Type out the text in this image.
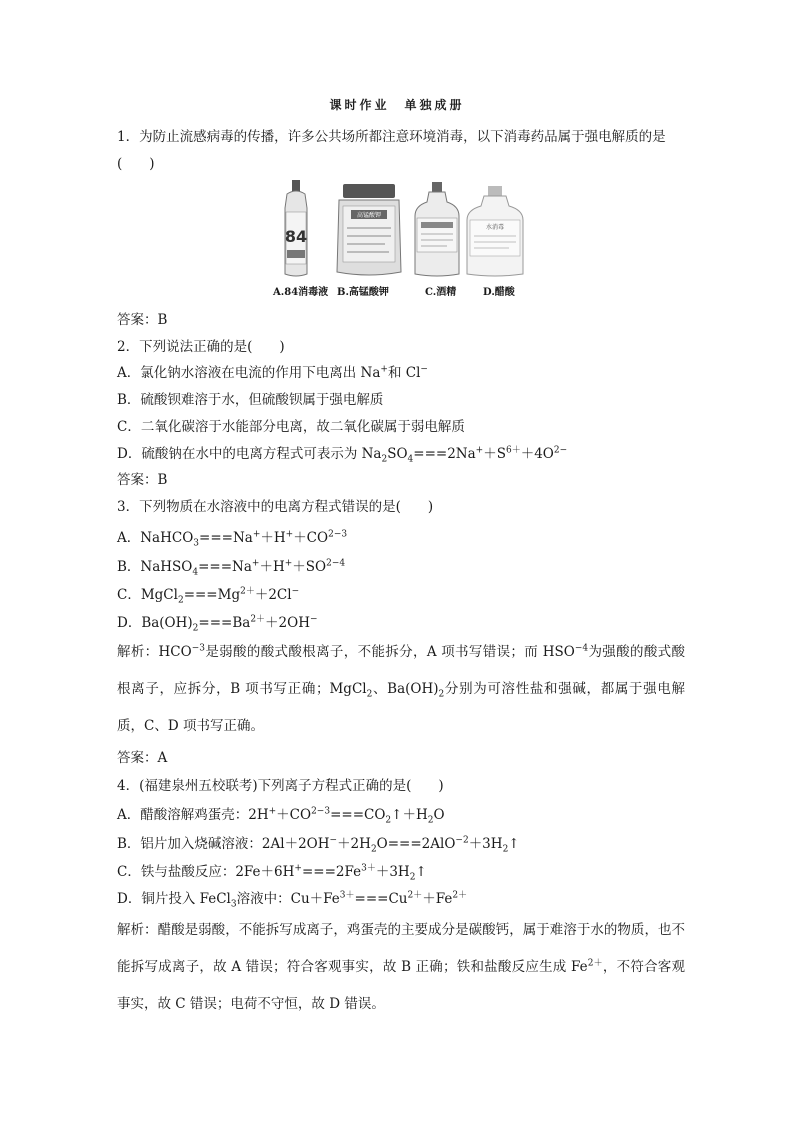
课时作业　单独成册
1．为防止流感病毒的传播，许多公共场所都注意环境消毒，以下消毒药品属于强电解质的是(　　)
84
高锰酸钾
水消毒
A.84消毒液 B.高锰酸钾	C.酒精	D.醋酸
答案：B
2．下列说法正确的是(　　)
A．氯化钠水溶液在电流的作用下电离出 Na+和 Cl−
B．硫酸钡难溶于水，但硫酸钡属于强电解质
C．二氧化碳溶于水能部分电离，故二氧化碳属于弱电解质
D．硫酸钠在水中的电离方程式可表示为 $Na_2SO_4===2Na^++S^{6+}+4O^{2-}$
答案：B
3．下列物质在水溶液中的电离方程式错误的是(　　)
A．$NaHCO_3===Na^++H^++CO^{2-3}$
B．$NaHSO_4===Na^++H^++SO^{2-4}$
C．$MgCl_2===Mg^{2+}+2Cl^-$
D．$Ba(OH)_2===Ba^{2+}+2OH^-$
解析：$HCO^{-3}$是弱酸的酸式酸根离子，不能拆分，A 项书写错误；而 $HSO^{-4}$为强酸的酸式酸根离子，应拆分，B 项书写正确；MgCl$_2$、$Ba(OH)_2$分别为可溶性盐和强碱，都属于强电解质，C、D 项书写正确。
答案：A
4．(福建泉州五校联考)下列离子方程式正确的是(　　)
A．醋酸溶解鸡蛋壳：$2H^++CO^{2-3}===CO_2↑+H_2O$
B．铝片加入烧碱溶液：$2Al+2OH^-+2H_2O===2AlO^{-2}+3H_2↑$
C．铁与盐酸反应：$2Fe+6H^+===2Fe^{3+}+3H_2↑$
D．铜片投入 FeCl$_3$溶液中：$Cu+Fe^{3+}===Cu^{2+}+Fe^{2+}$
解析：醋酸是弱酸，不能拆写成离子，鸡蛋壳的主要成分是碳酸钙，属于难溶于水的物质，也不能拆写成离子，故 A 错误；符合客观事实，故 B 正确；铁和盐酸反应生成 $Fe^{2+}$，不符合客观事实，故 C 错误；电荷不守恒，故 D 错误。
